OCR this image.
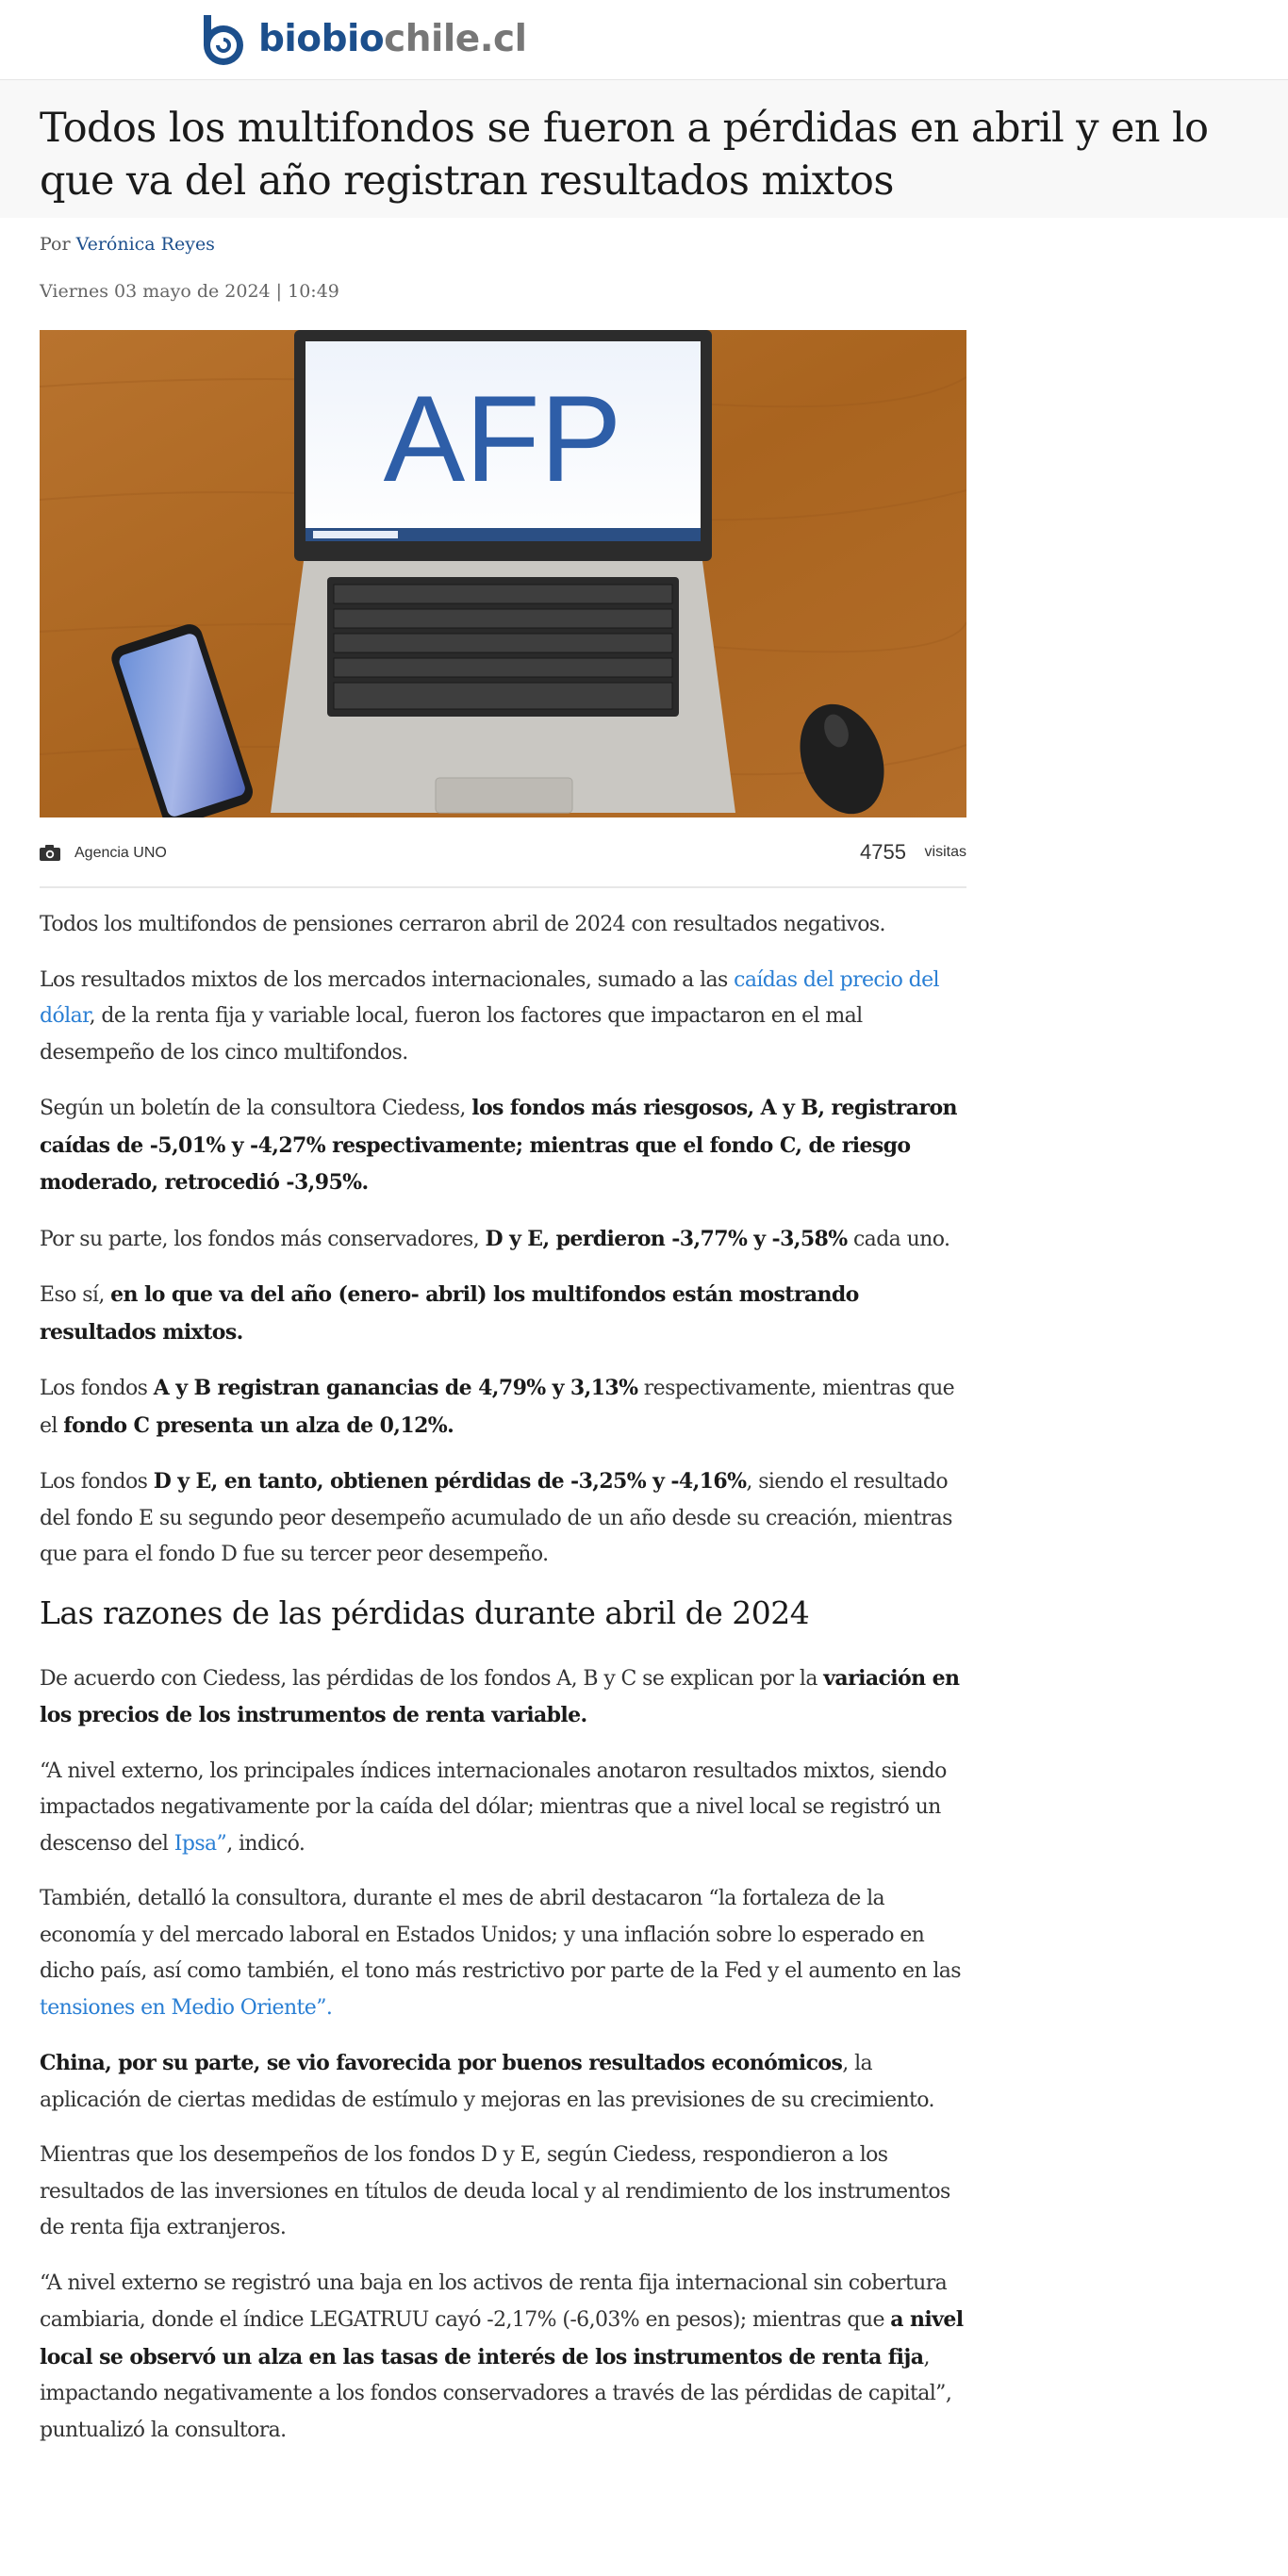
biobiochile.cl
Todos los multifondos se fueron a pérdidas en abril y en lo que va del año registran resultados mixtos
Por Verónica Reyes
Viernes 03 mayo de 2024 | 10:49
AFP
Agencia UNO	4755 visitas

Todos los multifondos de pensiones cerraron abril de 2024 con resultados negativos.

Los resultados mixtos de los mercados internacionales, sumado a las caídas del precio del dólar, de la renta fija y variable local, fueron los factores que impactaron en el mal desempeño de los cinco multifondos.

Según un boletín de la consultora Ciedess, los fondos más riesgosos, A y B, registraron caídas de -5,01% y -4,27% respectivamente; mientras que el fondo C, de riesgo moderado, retrocedió -3,95%.

Por su parte, los fondos más conservadores, D y E, perdieron -3,77% y -3,58% cada uno.

Eso sí, en lo que va del año (enero- abril) los multifondos están mostrando resultados mixtos.

Los fondos A y B registran ganancias de 4,79% y 3,13% respectivamente, mientras que el fondo C presenta un alza de 0,12%.

Los fondos D y E, en tanto, obtienen pérdidas de -3,25% y -4,16%, siendo el resultado del fondo E su segundo peor desempeño acumulado de un año desde su creación, mientras que para el fondo D fue su tercer peor desempeño.

Las razones de las pérdidas durante abril de 2024

De acuerdo con Ciedess, las pérdidas de los fondos A, B y C se explican por la variación en los precios de los instrumentos de renta variable.

“A nivel externo, los principales índices internacionales anotaron resultados mixtos, siendo impactados negativamente por la caída del dólar; mientras que a nivel local se registró un descenso del Ipsa”, indicó.

También, detalló la consultora, durante el mes de abril destacaron “la fortaleza de la economía y del mercado laboral en Estados Unidos; y una inflación sobre lo esperado en dicho país, así como también, el tono más restrictivo por parte de la Fed y el aumento en las tensiones en Medio Oriente”.

China, por su parte, se vio favorecida por buenos resultados económicos, la aplicación de ciertas medidas de estímulo y mejoras en las previsiones de su crecimiento.

Mientras que los desempeños de los fondos D y E, según Ciedess, respondieron a los resultados de las inversiones en títulos de deuda local y al rendimiento de los instrumentos de renta fija extranjeros.

“A nivel externo se registró una baja en los activos de renta fija internacional sin cobertura cambiaria, donde el índice LEGATRUU cayó -2,17% (-6,03% en pesos); mientras que a nivel local se observó un alza en las tasas de interés de los instrumentos de renta fija, impactando negativamente a los fondos conservadores a través de las pérdidas de capital”, puntualizó la consultora.
